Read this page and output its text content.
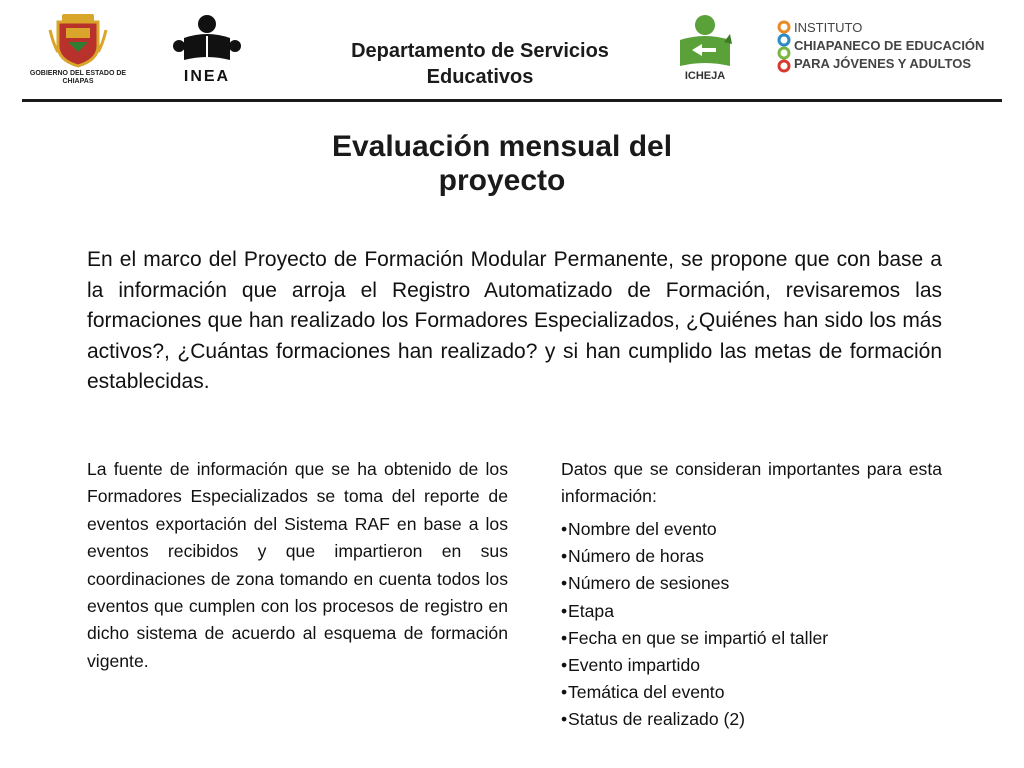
GOBIERNO DEL ESTADO DE CHIAPAS	INEA
Departamento de Servicios
Educativos	ICHEJA
INSTITUTO
CHIAPANECO DE EDUCACIÓN
PARA JÓVENES Y ADULTOS
Evaluación mensual del
proyecto

En el marco del Proyecto de Formación Modular Permanente, se propone que con base a la información que arroja el Registro Automatizado de Formación, revisaremos las formaciones que han realizado los Formadores Especializados, ¿Quiénes han sido los más activos?, ¿Cuántas formaciones han realizado? y si han cumplido las metas de formación establecidas.

La fuente de información que se ha obtenido de los Formadores Especializados se toma del reporte de eventos exportación del Sistema RAF en base a los eventos recibidos y que impartieron en sus coordinaciones de zona tomando en cuenta todos los eventos que cumplen con los procesos de registro en dicho sistema de acuerdo al esquema de formación vigente.

Datos que se consideran importantes para esta información:
•Nombre del evento
•Número de horas
•Número de sesiones
•Etapa
•Fecha en que se impartió el taller
•Evento impartido
•Temática del evento
•Status de realizado (2)
